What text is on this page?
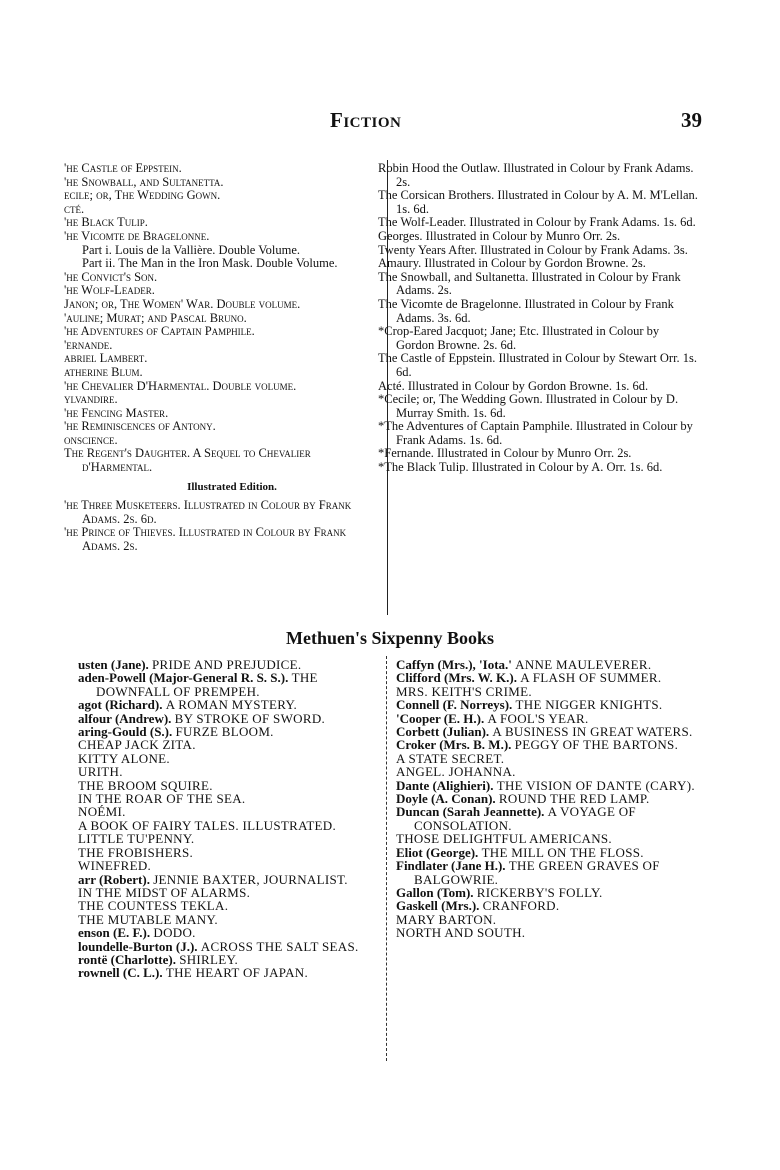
Fiction	39

'he Castle of Eppstein.

'he Snowball, and Sultanetta.

ecile; or, The Wedding Gown.

cté.

'he Black Tulip.

'he Vicomte de Bragelonne.

Part i. Louis de la Vallière. Double Volume.

Part ii. The Man in the Iron Mask. Double Volume.

'he Convict's Son.

'he Wolf-Leader.

Janon; or, The Women' War. Double volume.

'auline; Murat; and Pascal Bruno.

'he Adventures of Captain Pamphile.

'ernande.

abriel Lambert.

atherine Blum.

'he Chevalier D'Harmental. Double volume.

ylvandire.

'he Fencing Master.

'he Reminiscences of Antony.

onscience.

The Regent's Daughter. A Sequel to Chevalier d'Harmental.

Illustrated Edition.

'he Three Musketeers. Illustrated in Colour by Frank Adams. 2s. 6d.

'he Prince of Thieves. Illustrated in Colour by Frank Adams. 2s.

Robin Hood the Outlaw. Illustrated in Colour by Frank Adams. 2s.

The Corsican Brothers. Illustrated in Colour by A. M. M'Lellan. 1s. 6d.

The Wolf-Leader. Illustrated in Colour by Frank Adams. 1s. 6d.

Georges. Illustrated in Colour by Munro Orr. 2s.

Twenty Years After. Illustrated in Colour by Frank Adams. 3s.

Amaury. Illustrated in Colour by Gordon Browne. 2s.

The Snowball, and Sultanetta. Illustrated in Colour by Frank Adams. 2s.

The Vicomte de Bragelonne. Illustrated in Colour by Frank Adams. 3s. 6d.

*Crop-Eared Jacquot; Jane; Etc. Illustrated in Colour by Gordon Browne. 2s. 6d.

The Castle of Eppstein. Illustrated in Colour by Stewart Orr. 1s. 6d.

Acté. Illustrated in Colour by Gordon Browne. 1s. 6d.

*Cecile; or, The Wedding Gown. Illustrated in Colour by D. Murray Smith. 1s. 6d.

*The Adventures of Captain Pamphile. Illustrated in Colour by Frank Adams. 1s. 6d.

*Fernande. Illustrated in Colour by Munro Orr. 2s.

*The Black Tulip. Illustrated in Colour by A. Orr. 1s. 6d.

Methuen's Sixpenny Books

usten (Jane). PRIDE AND PREJUDICE.

aden-Powell (Major-General R. S. S.). THE DOWNFALL OF PREMPEH.

agot (Richard). A ROMAN MYSTERY.

alfour (Andrew). BY STROKE OF SWORD.

aring-Gould (S.). FURZE BLOOM.

CHEAP JACK ZITA.

KITTY ALONE.

URITH.

THE BROOM SQUIRE.

IN THE ROAR OF THE SEA.

NOÉMI.

A BOOK OF FAIRY TALES. ILLUSTRATED.

LITTLE TU'PENNY.

THE FROBISHERS.

WINEFRED.

arr (Robert). JENNIE BAXTER, JOURNALIST.

IN THE MIDST OF ALARMS.

THE COUNTESS TEKLA.

THE MUTABLE MANY.

enson (E. F.). DODO.

loundelle-Burton (J.). ACROSS THE SALT SEAS.

rontë (Charlotte). SHIRLEY.

rownell (C. L.). THE HEART OF JAPAN.

Caffyn (Mrs.), 'Iota.' ANNE MAULEVERER.

Clifford (Mrs. W. K.). A FLASH OF SUMMER.

MRS. KEITH'S CRIME.

Connell (F. Norreys). THE NIGGER KNIGHTS.

'Cooper (E. H.). A FOOL'S YEAR.

Corbett (Julian). A BUSINESS IN GREAT WATERS.

Croker (Mrs. B. M.). PEGGY OF THE BARTONS.

A STATE SECRET.

ANGEL. JOHANNA.

Dante (Alighieri). THE VISION OF DANTE (CARY).

Doyle (A. Conan). ROUND THE RED LAMP.

Duncan (Sarah Jeannette). A VOYAGE OF CONSOLATION.

THOSE DELIGHTFUL AMERICANS.

Eliot (George). THE MILL ON THE FLOSS.

Findlater (Jane H.). THE GREEN GRAVES OF BALGOWRIE.

Gallon (Tom). RICKERBY'S FOLLY.

Gaskell (Mrs.). CRANFORD.

MARY BARTON.

NORTH AND SOUTH.
